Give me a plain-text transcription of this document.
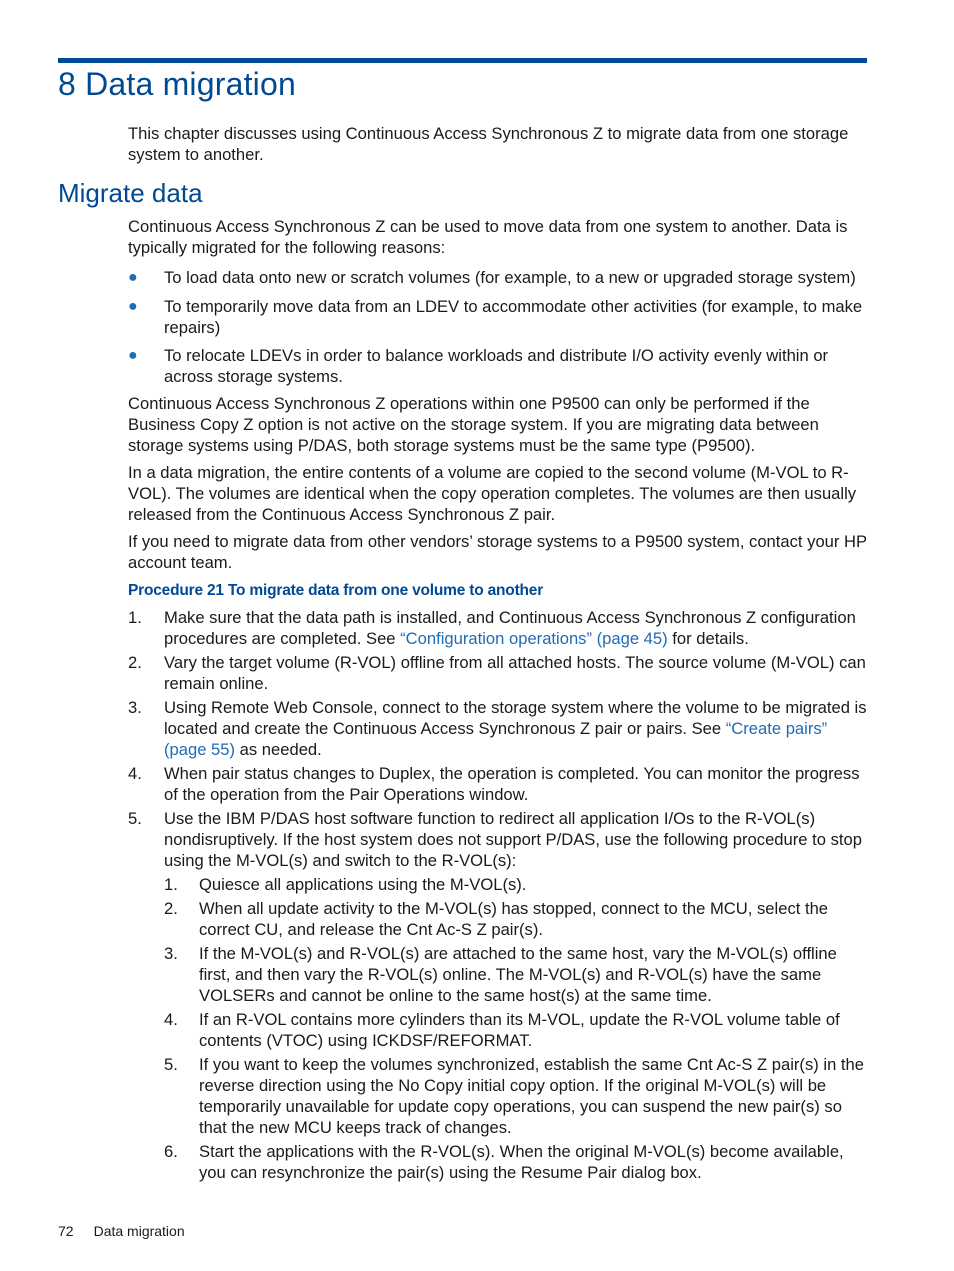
8 Data migration

This chapter discusses using Continuous Access Synchronous Z to migrate data from one storage system to another.

Migrate data

Continuous Access Synchronous Z can be used to move data from one system to another. Data is typically migrated for the following reasons:

● To load data onto new or scratch volumes (for example, to a new or upgraded storage system)
● To temporarily move data from an LDEV to accommodate other activities (for example, to make repairs)
● To relocate LDEVs in order to balance workloads and distribute I/O activity evenly within or across storage systems.

Continuous Access Synchronous Z operations within one P9500 can only be performed if the Business Copy Z option is not active on the storage system. If you are migrating data between storage systems using P/DAS, both storage systems must be the same type (P9500).

In a data migration, the entire contents of a volume are copied to the second volume (M-VOL to R-VOL). The volumes are identical when the copy operation completes. The volumes are then usually released from the Continuous Access Synchronous Z pair.

If you need to migrate data from other vendors’ storage systems to a P9500 system, contact your HP account team.

Procedure 21 To migrate data from one volume to another

1. Make sure that the data path is installed, and Continuous Access Synchronous Z configuration procedures are completed. See “Configuration operations” (page 45) for details.
2. Vary the target volume (R-VOL) offline from all attached hosts. The source volume (M-VOL) can remain online.
3. Using Remote Web Console, connect to the storage system where the volume to be migrated is located and create the Continuous Access Synchronous Z pair or pairs. See “Create pairs” (page 55) as needed.
4. When pair status changes to Duplex, the operation is completed. You can monitor the progress of the operation from the Pair Operations window.
5. Use the IBM P/DAS host software function to redirect all application I/Os to the R-VOL(s) nondisruptively. If the host system does not support P/DAS, use the following procedure to stop using the M-VOL(s) and switch to the R-VOL(s):
1. Quiesce all applications using the M-VOL(s).
2. When all update activity to the M-VOL(s) has stopped, connect to the MCU, select the correct CU, and release the Cnt Ac-S Z pair(s).
3. If the M-VOL(s) and R-VOL(s) are attached to the same host, vary the M-VOL(s) offline first, and then vary the R-VOL(s) online. The M-VOL(s) and R-VOL(s) have the same VOLSERs and cannot be online to the same host(s) at the same time.
4. If an R-VOL contains more cylinders than its M-VOL, update the R-VOL volume table of contents (VTOC) using ICKDSF/REFORMAT.
5. If you want to keep the volumes synchronized, establish the same Cnt Ac-S Z pair(s) in the reverse direction using the No Copy initial copy option. If the original M-VOL(s) will be temporarily unavailable for update copy operations, you can suspend the new pair(s) so that the new MCU keeps track of changes.
6. Start the applications with the R-VOL(s). When the original M-VOL(s) become available, you can resynchronize the pair(s) using the Resume Pair dialog box.
72 Data migration
